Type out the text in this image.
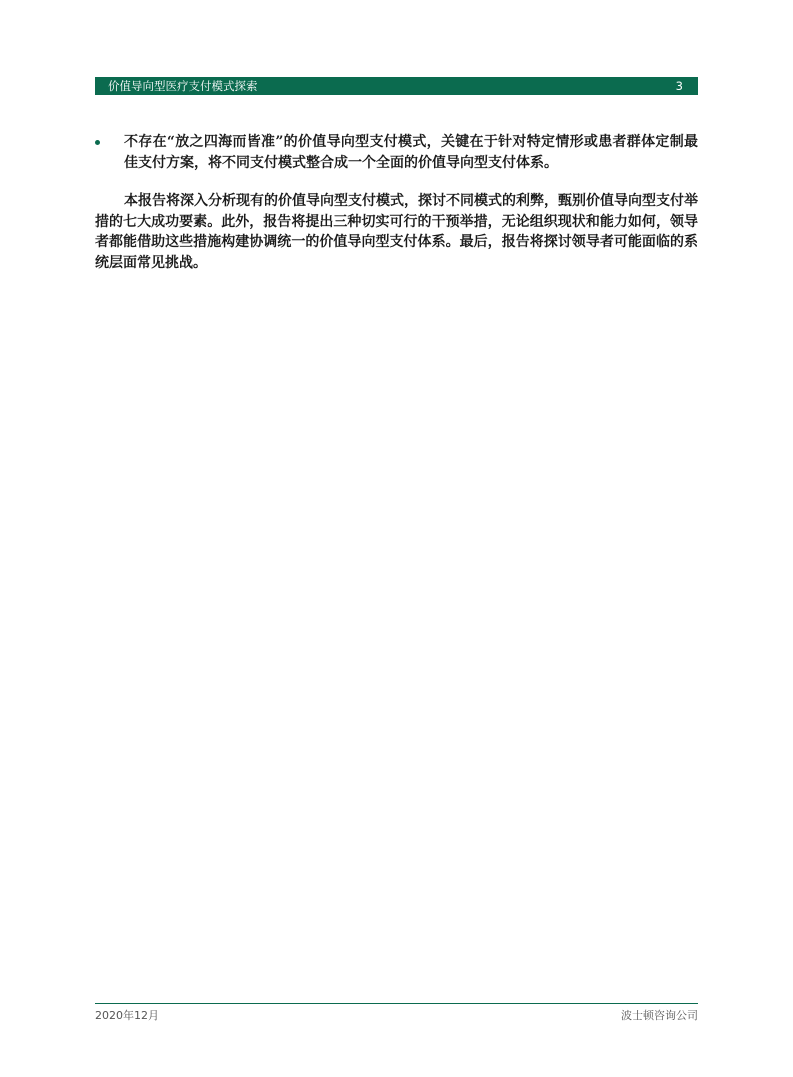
价值导向型医疗支付模式探索	3
不存在“放之四海而皆准”的价值导向型支付模式，关键在于针对特定情形或患者群体定制最佳支付方案，将不同支付模式整合成一个全面的价值导向型支付体系。
本报告将深入分析现有的价值导向型支付模式，探讨不同模式的利弊，甄别价值导向型支付举措的七大成功要素。此外，报告将提出三种切实可行的干预举措，无论组织现状和能力如何，领导者都能借助这些措施构建协调统一的价值导向型支付体系。最后，报告将探讨领导者可能面临的系统层面常见挑战。
2020年12月	波士顿咨询公司
